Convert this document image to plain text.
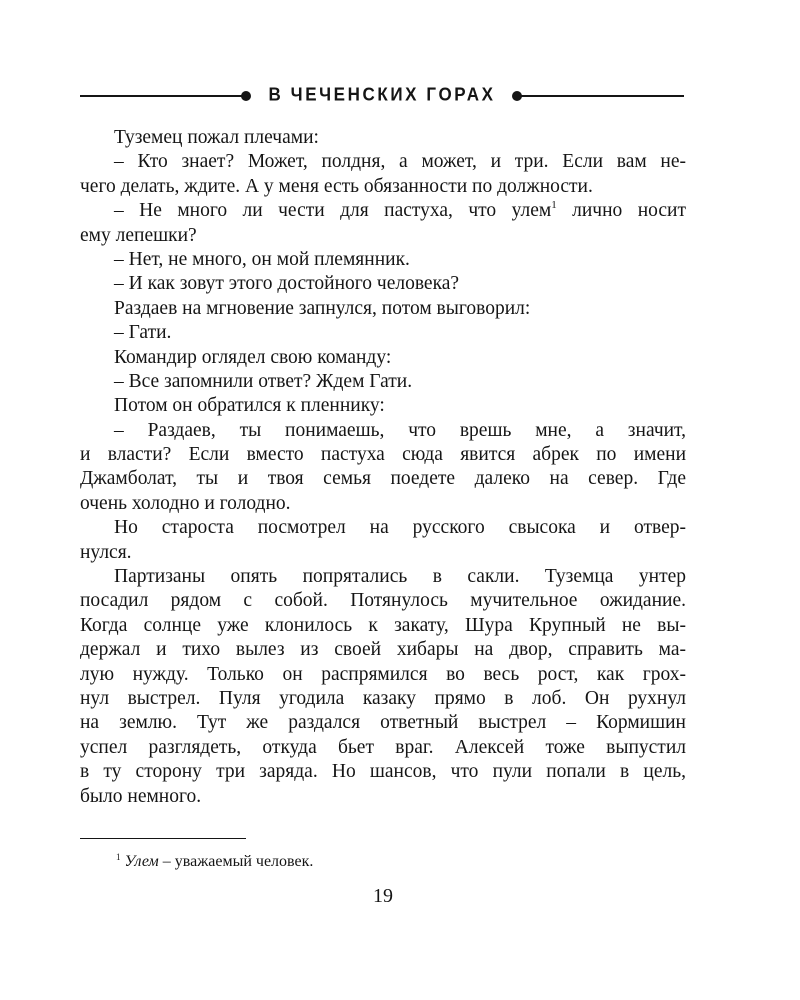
В ЧЕЧЕНСКИХ ГОРАХ
Туземец пожал плечами:
– Кто знает? Может, полдня, а может, и три. Если вам не-
чего делать, ждите. А у меня есть обязанности по должности.
– Не много ли чести для пастуха, что улем$^1$ лично носит
ему лепешки?
– Нет, не много, он мой племянник.
– И как зовут этого достойного человека?
Раздаев на мгновение запнулся, потом выговорил:
– Гати.
Командир оглядел свою команду:
– Все запомнили ответ? Ждем Гати.
Потом он обратился к пленнику:
– Раздаев, ты понимаешь, что врешь мне, а значит,
и власти? Если вместо пастуха сюда явится абрек по имени
Джамболат, ты и твоя семья поедете далеко на север. Где
очень холодно и голодно.
Но староста посмотрел на русского свысока и отвер-
нулся.
Партизаны опять попрятались в сакли. Туземца унтер
посадил рядом с собой. Потянулось мучительное ожидание.
Когда солнце уже клонилось к закату, Шура Крупный не вы-
держал и тихо вылез из своей хибары на двор, справить ма-
лую нужду. Только он распрямился во весь рост, как грох-
нул выстрел. Пуля угодила казаку прямо в лоб. Он рухнул
на землю. Тут же раздался ответный выстрел – Кормишин
успел разглядеть, откуда бьет враг. Алексей тоже выпустил
в ту сторону три заряда. Но шансов, что пули попали в цель,
было немного.
$^1$ Улем – уважаемый человек.
19
